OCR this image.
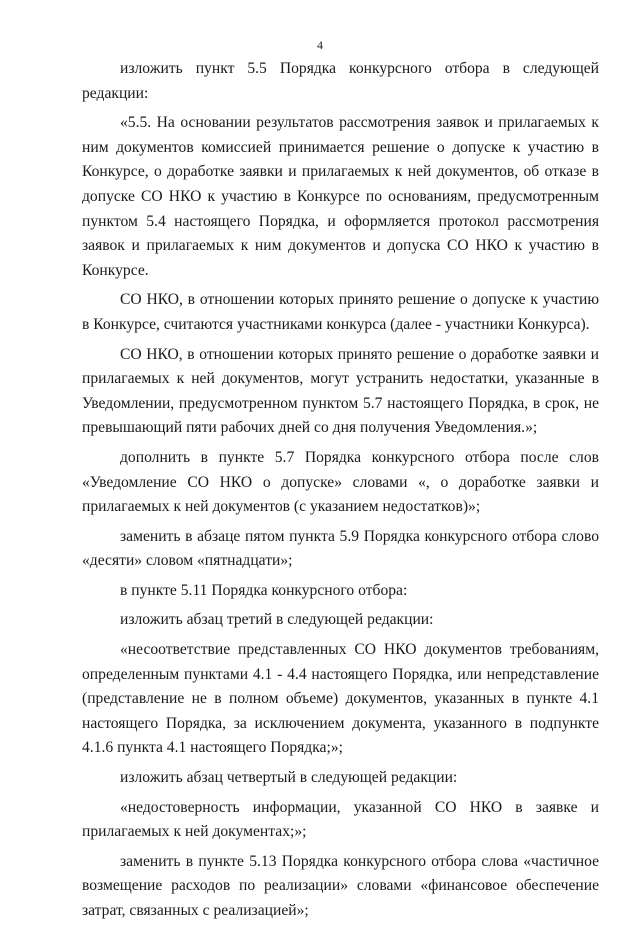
4

изложить пункт 5.5 Порядка конкурсного отбора в следующей редакции:

«5.5. На основании результатов рассмотрения заявок и прилагаемых к ним документов комиссией принимается решение о допуске к участию в Конкурсе, о доработке заявки и прилагаемых к ней документов, об отказе в допуске СО НКО к участию в Конкурсе по основаниям, предусмотренным пунктом 5.4 настоящего Порядка, и оформляется протокол рассмотрения заявок и прилагаемых к ним документов и допуска СО НКО к участию в Конкурсе.

СО НКО, в отношении которых принято решение о допуске к участию в Конкурсе, считаются участниками конкурса (далее - участники Конкурса).

СО НКО, в отношении которых принято решение о доработке заявки и прилагаемых к ней документов, могут устранить недостатки, указанные в Уведомлении, предусмотренном пунктом 5.7 настоящего Порядка, в срок, не превышающий пяти рабочих дней со дня получения Уведомления.»;

дополнить в пункте 5.7 Порядка конкурсного отбора после слов «Уведомление СО НКО о допуске» словами «, о доработке заявки и прилагаемых к ней документов (с указанием недостатков)»;

заменить в абзаце пятом пункта 5.9 Порядка конкурсного отбора слово «десяти» словом «пятнадцати»;

в пункте 5.11 Порядка конкурсного отбора:

изложить абзац третий в следующей редакции:

«несоответствие представленных СО НКО документов требованиям, определенным пунктами 4.1 - 4.4 настоящего Порядка, или непредставление (представление не в полном объеме) документов, указанных в пункте 4.1 настоящего Порядка, за исключением документа, указанного в подпункте 4.1.6 пункта 4.1 настоящего Порядка;»;

изложить абзац четвертый в следующей редакции:

«недостоверность информации, указанной СО НКО в заявке и прилагаемых к ней документах;»;

заменить в пункте 5.13 Порядка конкурсного отбора слова «частичное возмещение расходов по реализации» словами «финансовое обеспечение затрат, связанных с реализацией»;
